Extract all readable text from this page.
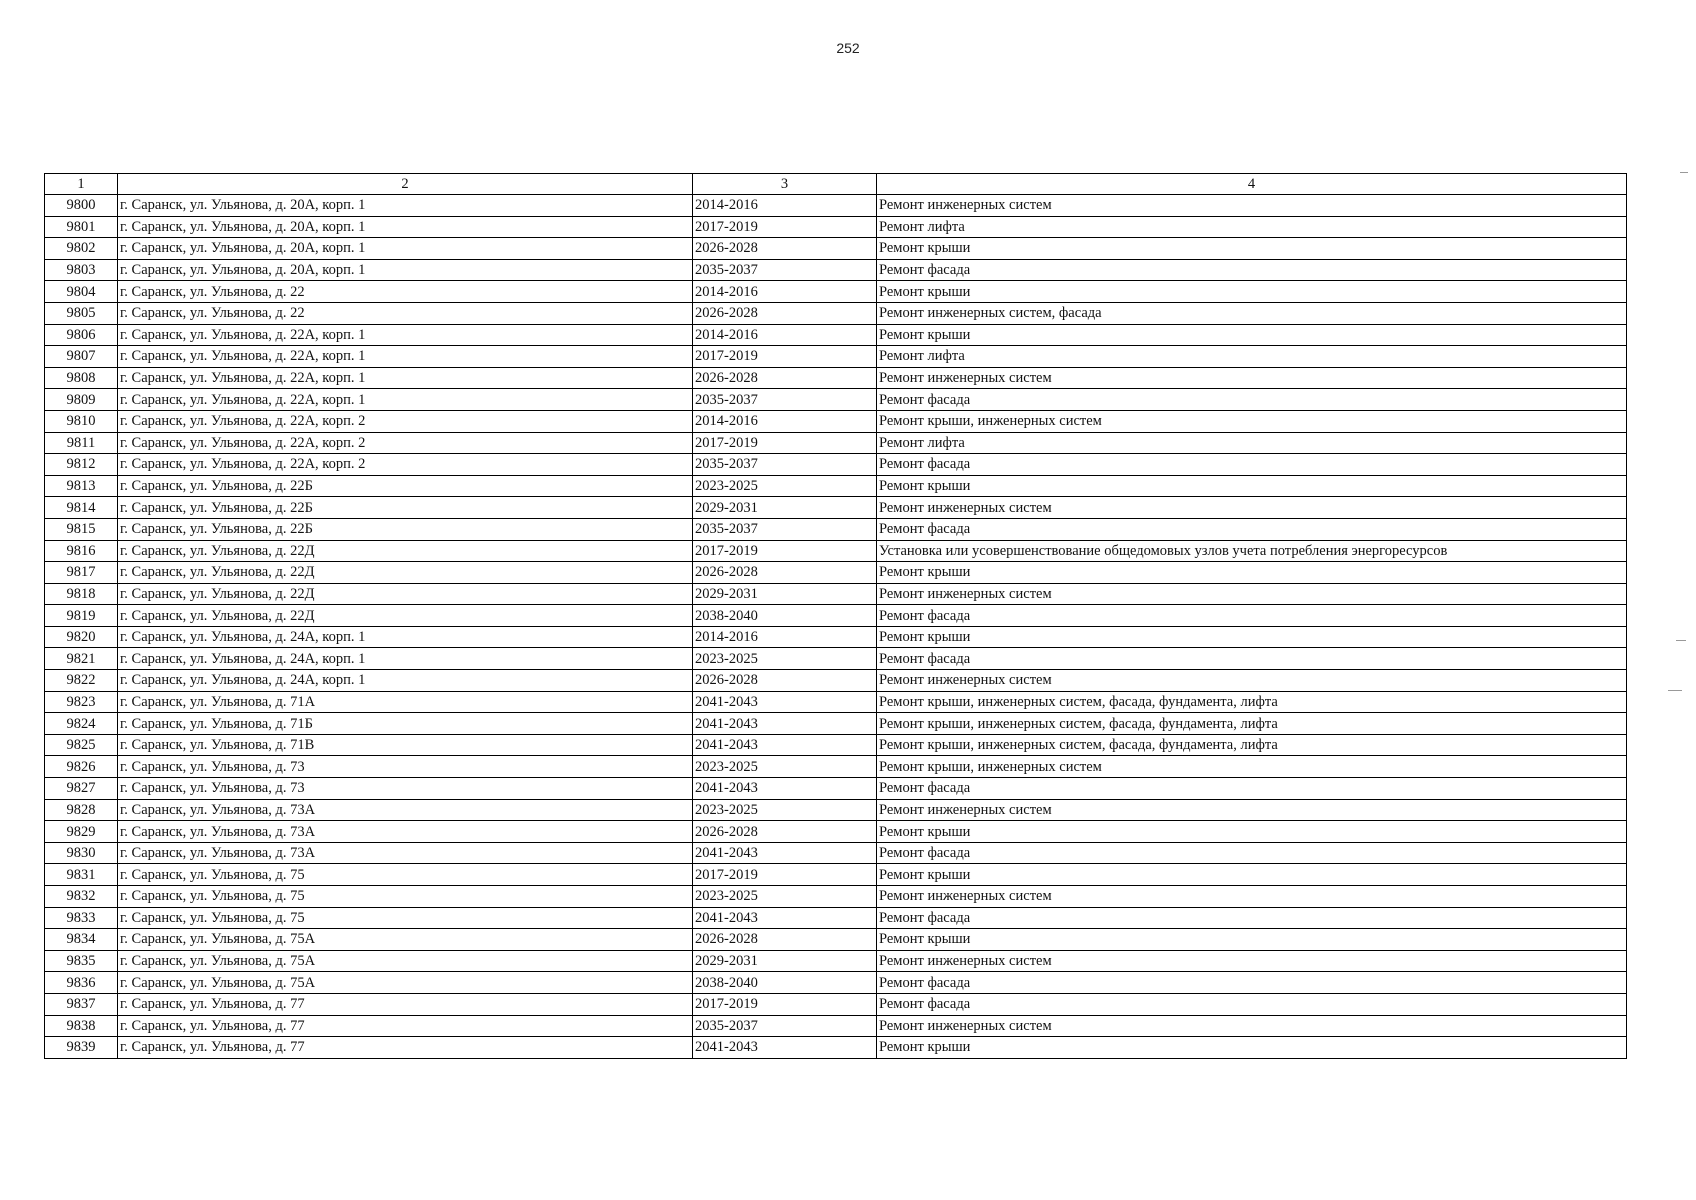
252
1	2	3	4
9800	г. Саранск, ул. Ульянова, д. 20А, корп. 1	2014-2016	Ремонт инженерных систем
9801	г. Саранск, ул. Ульянова, д. 20А, корп. 1	2017-2019	Ремонт лифта
9802	г. Саранск, ул. Ульянова, д. 20А, корп. 1	2026-2028	Ремонт крыши
9803	г. Саранск, ул. Ульянова, д. 20А, корп. 1	2035-2037	Ремонт фасада
9804	г. Саранск, ул. Ульянова, д. 22	2014-2016	Ремонт крыши
9805	г. Саранск, ул. Ульянова, д. 22	2026-2028	Ремонт инженерных систем, фасада
9806	г. Саранск, ул. Ульянова, д. 22А, корп. 1	2014-2016	Ремонт крыши
9807	г. Саранск, ул. Ульянова, д. 22А, корп. 1	2017-2019	Ремонт лифта
9808	г. Саранск, ул. Ульянова, д. 22А, корп. 1	2026-2028	Ремонт инженерных систем
9809	г. Саранск, ул. Ульянова, д. 22А, корп. 1	2035-2037	Ремонт фасада
9810	г. Саранск, ул. Ульянова, д. 22А, корп. 2	2014-2016	Ремонт крыши, инженерных систем
9811	г. Саранск, ул. Ульянова, д. 22А, корп. 2	2017-2019	Ремонт лифта
9812	г. Саранск, ул. Ульянова, д. 22А, корп. 2	2035-2037	Ремонт фасада
9813	г. Саранск, ул. Ульянова, д. 22Б	2023-2025	Ремонт крыши
9814	г. Саранск, ул. Ульянова, д. 22Б	2029-2031	Ремонт инженерных систем
9815	г. Саранск, ул. Ульянова, д. 22Б	2035-2037	Ремонт фасада
9816	г. Саранск, ул. Ульянова, д. 22Д	2017-2019	Установка или усовершенствование общедомовых узлов учета потребления энергоресурсов
9817	г. Саранск, ул. Ульянова, д. 22Д	2026-2028	Ремонт крыши
9818	г. Саранск, ул. Ульянова, д. 22Д	2029-2031	Ремонт инженерных систем
9819	г. Саранск, ул. Ульянова, д. 22Д	2038-2040	Ремонт фасада
9820	г. Саранск, ул. Ульянова, д. 24А, корп. 1	2014-2016	Ремонт крыши
9821	г. Саранск, ул. Ульянова, д. 24А, корп. 1	2023-2025	Ремонт фасада
9822	г. Саранск, ул. Ульянова, д. 24А, корп. 1	2026-2028	Ремонт инженерных систем
9823	г. Саранск, ул. Ульянова, д. 71А	2041-2043	Ремонт крыши, инженерных систем, фасада, фундамента, лифта
9824	г. Саранск, ул. Ульянова, д. 71Б	2041-2043	Ремонт крыши, инженерных систем, фасада, фундамента, лифта
9825	г. Саранск, ул. Ульянова, д. 71В	2041-2043	Ремонт крыши, инженерных систем, фасада, фундамента, лифта
9826	г. Саранск, ул. Ульянова, д. 73	2023-2025	Ремонт крыши, инженерных систем
9827	г. Саранск, ул. Ульянова, д. 73	2041-2043	Ремонт фасада
9828	г. Саранск, ул. Ульянова, д. 73А	2023-2025	Ремонт инженерных систем
9829	г. Саранск, ул. Ульянова, д. 73А	2026-2028	Ремонт крыши
9830	г. Саранск, ул. Ульянова, д. 73А	2041-2043	Ремонт фасада
9831	г. Саранск, ул. Ульянова, д. 75	2017-2019	Ремонт крыши
9832	г. Саранск, ул. Ульянова, д. 75	2023-2025	Ремонт инженерных систем
9833	г. Саранск, ул. Ульянова, д. 75	2041-2043	Ремонт фасада
9834	г. Саранск, ул. Ульянова, д. 75А	2026-2028	Ремонт крыши
9835	г. Саранск, ул. Ульянова, д. 75А	2029-2031	Ремонт инженерных систем
9836	г. Саранск, ул. Ульянова, д. 75А	2038-2040	Ремонт фасада
9837	г. Саранск, ул. Ульянова, д. 77	2017-2019	Ремонт фасада
9838	г. Саранск, ул. Ульянова, д. 77	2035-2037	Ремонт инженерных систем
9839	г. Саранск, ул. Ульянова, д. 77	2041-2043	Ремонт крыши
